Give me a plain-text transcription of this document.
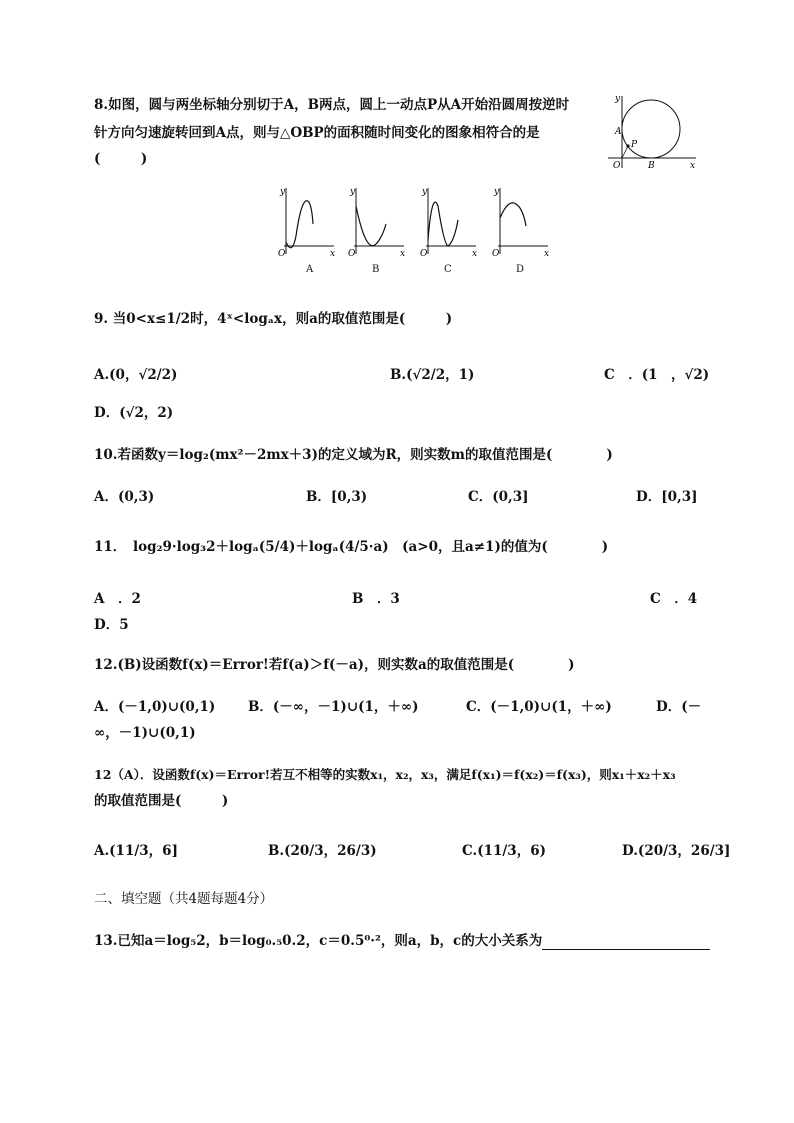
8.如图，圆与两坐标轴分别切于A，B两点，圆上一动点P从A开始沿圆周按逆时
针方向匀速旋转回到A点，则与△OBP的面积随时间变化的图象相符合的是
(　　　)
y
x
O
A
B
P
O	x
y
O	x
y
O	x
y
O	x
y
A	B	C	D
9. 当0<x≤1/2时，4ˣ<logₐx，则a的取值范围是(　　　)
A.(0，√2/2)	B.(√2/2，1)	C　．(1　，√2)
D．(√2，2)
10.若函数y＝log₂(mx²－2mx＋3)的定义域为R，则实数m的取值范围是(　　　　)
A．(0,3)	B．[0,3)	C．(0,3]	D．[0,3]
11．　log₂9·log₃2＋logₐ(5/4)＋logₐ(4/5·a)　(a>0，且a≠1)的值为(　　　　)
A　．2	B　．3	C　．4
D．5
12.(B)设函数f(x)＝Error!若f(a)＞f(－a)，则实数a的取值范围是(　　　　)
A．(－1,0)∪(0,1) B．(－∞，－1)∪(1，＋∞)	C．(－1,0)∪(1，＋∞)	D．(－
∞，－1)∪(0,1)
12（A）．设函数f(x)＝Error!若互不相等的实数x₁，x₂，x₃，满足f(x₁)＝f(x₂)＝f(x₃)，则x₁＋x₂＋x₃
的取值范围是(　　　)
A.(11/3，6]	B.(20/3，26/3)	C.(11/3，6)	D.(20/3，26/3]
二、填空题（共4题每题4分）
13.已知a＝log₅2，b＝log₀.₅0.2，c＝0.5⁰·²，则a，b，c的大小关系为
